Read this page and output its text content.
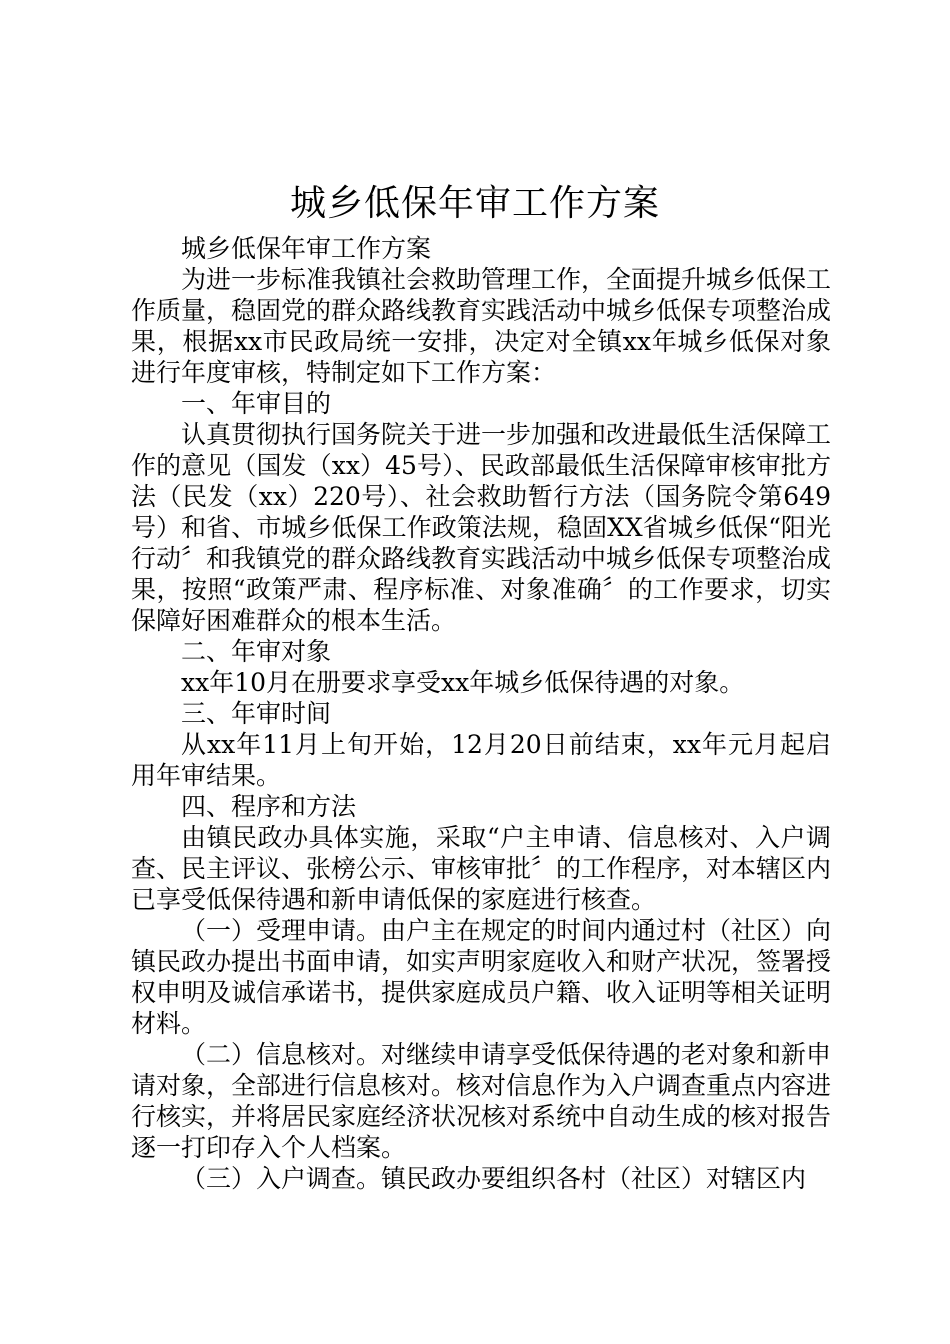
城乡低保年审工作方案

城乡低保年审工作方案

为进一步标准我镇社会救助管理工作，全面提升城乡低保工作质量，稳固党的群众路线教育实践活动中城乡低保专项整治成果，根据xx市民政局统一安排，决定对全镇xx年城乡低保对象进行年度审核，特制定如下工作方案：

一、年审目的

认真贯彻执行国务院关于进一步加强和改进最低生活保障工作的意见（国发（xx）45号）、民政部最低生活保障审核审批方法（民发（xx）220号）、社会救助暂行方法（国务院令第649号）和省、市城乡低保工作政策法规，稳固XX省城乡低保“阳光行动〞和我镇党的群众路线教育实践活动中城乡低保专项整治成果，按照“政策严肃、程序标准、对象准确〞的工作要求，切实保障好困难群众的根本生活。

二、年审对象

xx年10月在册要求享受xx年城乡低保待遇的对象。

三、年审时间

从xx年11月上旬开始，12月20日前结束，xx年元月起启用年审结果。

四、程序和方法

由镇民政办具体实施，采取“户主申请、信息核对、入户调查、民主评议、张榜公示、审核审批〞的工作程序，对本辖区内已享受低保待遇和新申请低保的家庭进行核查。

（一）受理申请。由户主在规定的时间内通过村（社区）向镇民政办提出书面申请，如实声明家庭收入和财产状况，签署授权申明及诚信承诺书，提供家庭成员户籍、收入证明等相关证明材料。

（二）信息核对。对继续申请享受低保待遇的老对象和新申请对象，全部进行信息核对。核对信息作为入户调查重点内容进行核实，并将居民家庭经济状况核对系统中自动生成的核对报告逐一打印存入个人档案。

（三）入户调查。镇民政办要组织各村（社区）对辖区内
